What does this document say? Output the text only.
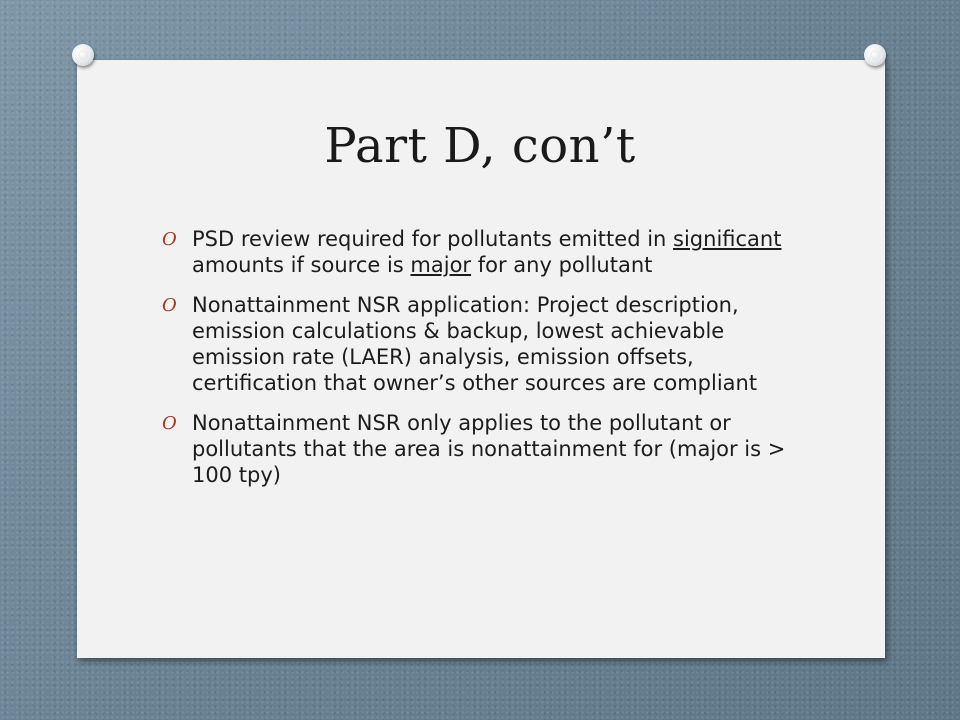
Part D, con’t
O PSD review required for pollutants emitted in significant amounts if source is major for any pollutant
O Nonattainment NSR application: Project description, emission calculations & backup, lowest achievable emission rate (LAER) analysis, emission offsets, certification that owner’s other sources are compliant
O Nonattainment NSR only applies to the pollutant or pollutants that the area is nonattainment for (major is > 100 tpy)
